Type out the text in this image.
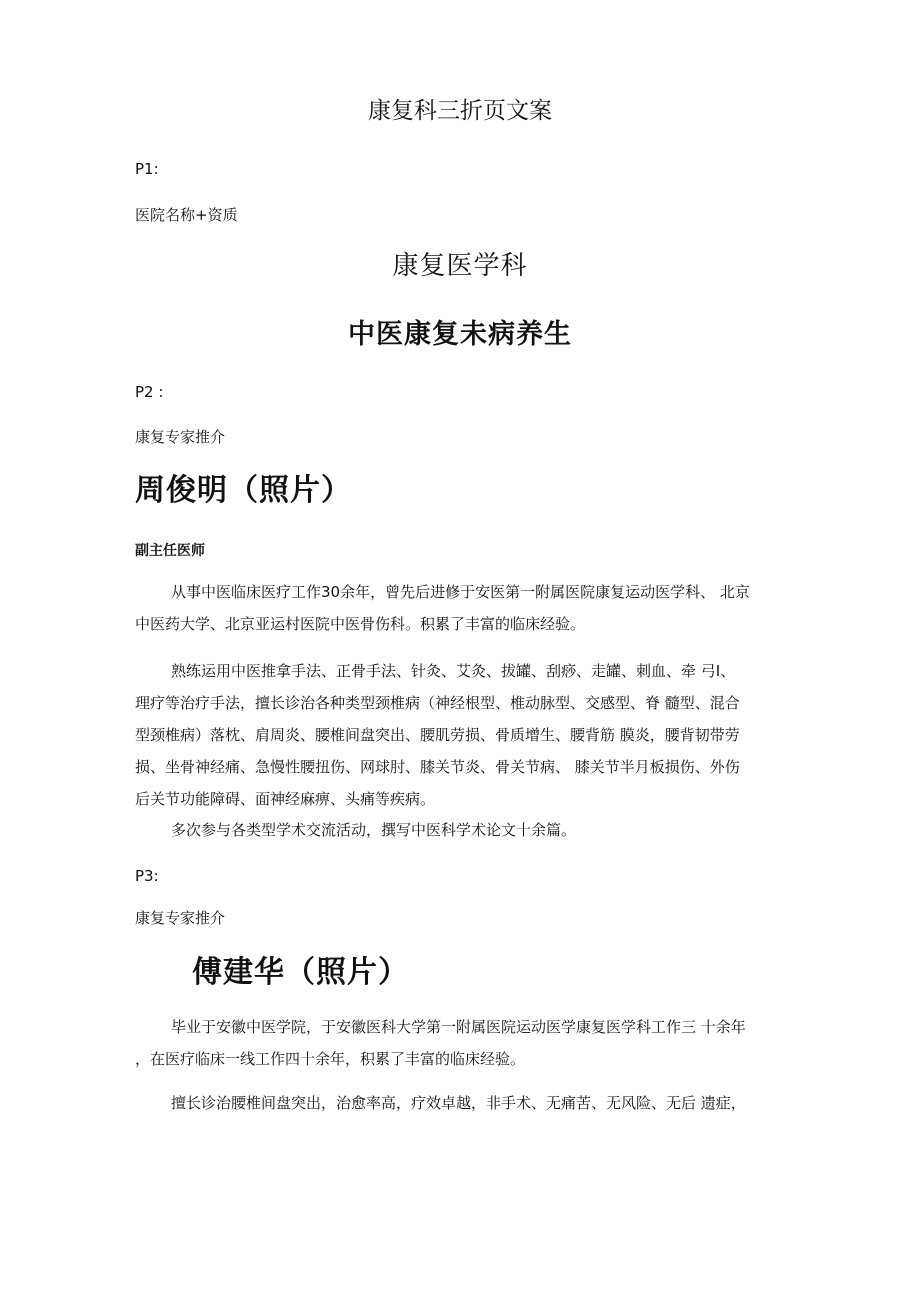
康复科三折页文案
P1:
医院名称+资质
康复医学科
中医康复未病养生
P2 :
康复专家推介
周俊明（照片）
副主任医师

从事中医临床医疗工作30余年，曾先后进修于安医第一附属医院康复运动医学科、 北京

中医药大学、北京亚运村医院中医骨伤科。积累了丰富的临床经验。

熟练运用中医推拿手法、正骨手法、针灸、艾灸、拔罐、刮痧、走罐、刺血、牵 弓I、

理疗等治疗手法，擅长诊治各种类型颈椎病（神经根型、椎动脉型、交感型、脊 髓型、混合

型颈椎病）落枕、肩周炎、腰椎间盘突出、腰肌劳损、骨质增生、腰背筋 膜炎，腰背韧带劳

损、坐骨神经痛、急慢性腰扭伤、网球肘、膝关节炎、骨关节病、 膝关节半月板损伤、外伤

后关节功能障碍、面神经麻痹、头痛等疾病。

多次参与各类型学术交流活动，撰写中医科学术论文十余篇。

P3:
康复专家推介
傅建华（照片）

毕业于安徽中医学院，于安徽医科大学第一附属医院运动医学康复医学科工作三 十余年

，在医疗临床一线工作四十余年，积累了丰富的临床经验。

擅长诊治腰椎间盘突出，治愈率高，疗效卓越，非手术、无痛苦、无风险、无后 遗症，
